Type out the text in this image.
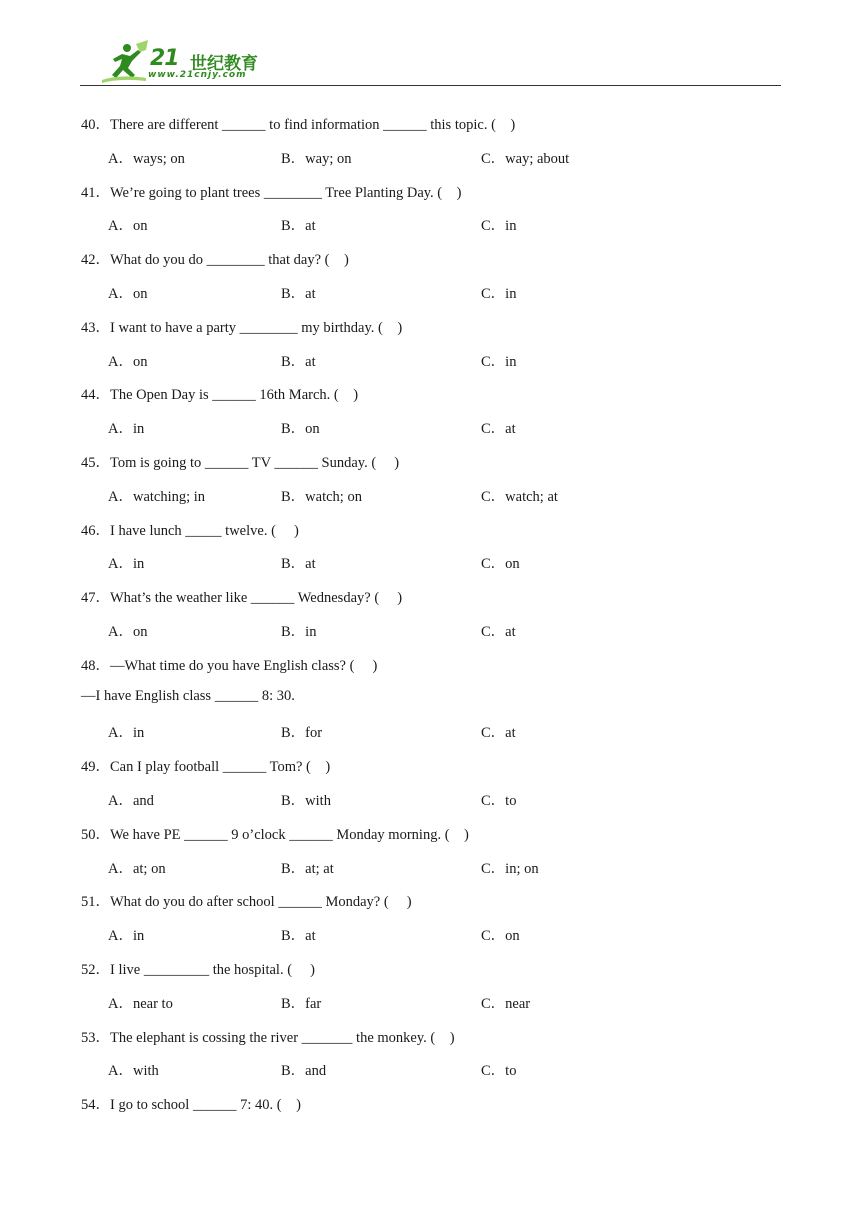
21 世纪教育
www.21cnjy.com
40．There are different ______ to find information ______ this topic. (　)
A．ways; on	B．way; on	C．way; about
41．We’re going to plant trees ________ Tree Planting Day. (　)
A．on	B．at	C．in
42．What do you do ________ that day? (　)
A．on	B．at	C．in
43．I want to have a party ________ my birthday. (　)
A．on	B．at	C．in
44．The Open Day is ______ 16th March. (　)
A．in	B．on	C．at
45．Tom is going to ______ TV ______ Sunday. (　 )
A．watching; in	B．watch; on	C．watch; at
46．I have lunch _____ twelve. (　 )
A．in	B．at	C．on
47．What’s the weather like ______ Wednesday? (　 )
A．on	B．in	C．at
48．—What time do you have English class? (　 )
—I have English class ______ 8: 30.
A．in	B．for	C．at
49．Can I play football ______ Tom? (　)
A．and	B．with	C．to
50．We have PE ______ 9 o’clock ______ Monday morning. (　)
A．at; on	B．at; at	C．in; on
51．What do you do after school ______ Monday? (　 )
A．in	B．at	C．on
52．I live _________ the hospital. (　 )
A．near to	B．far	C．near
53．The elephant is cossing the river _______ the monkey. (　)
A．with	B．and	C．to
54．I go to school ______ 7: 40. (　)
